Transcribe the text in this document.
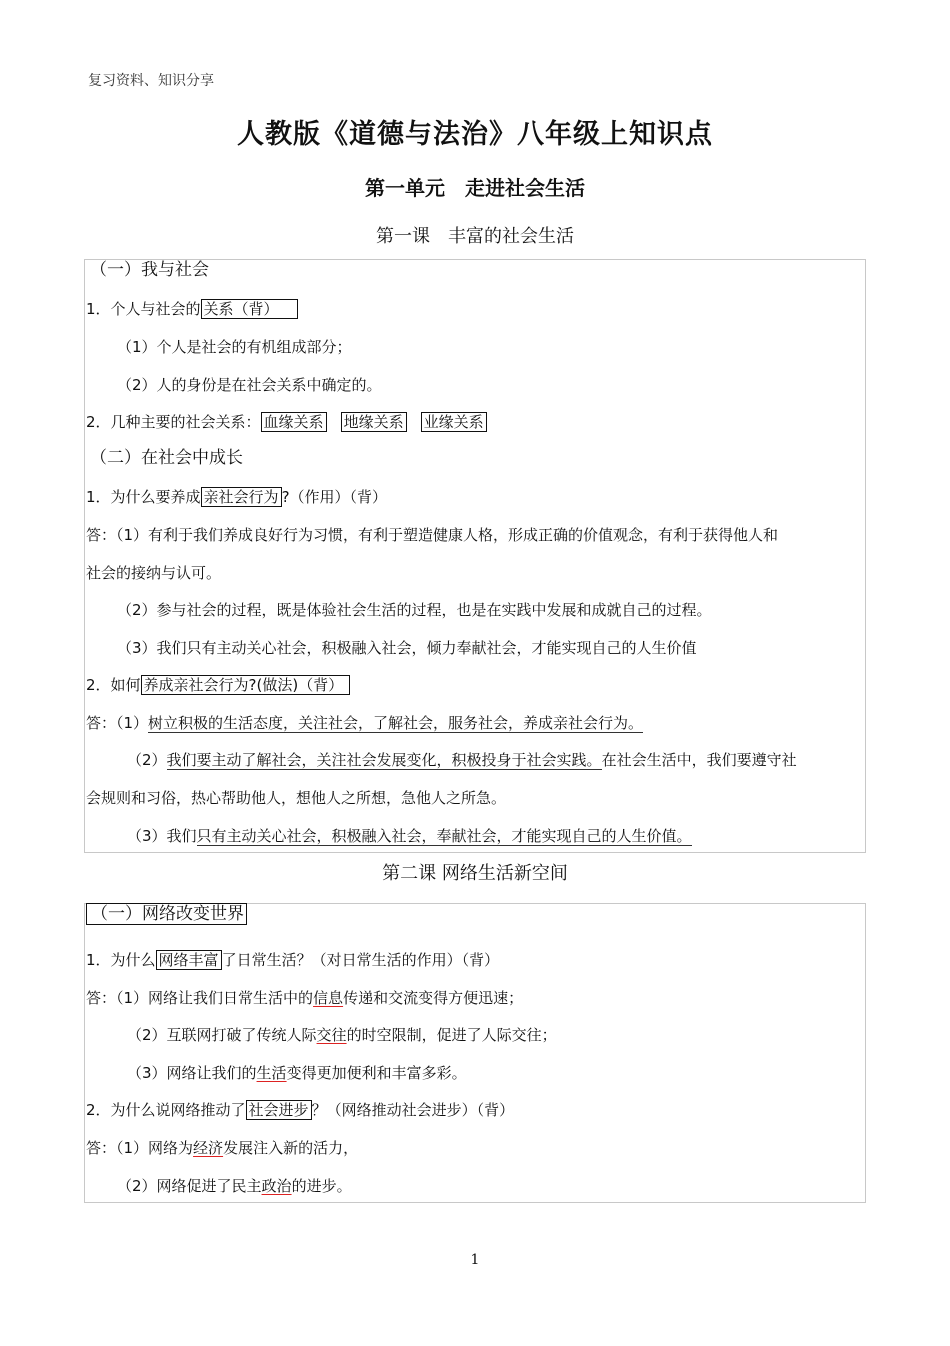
复习资料、知识分享
人教版《道德与法治》八年级上知识点
第一单元　走进社会生活
第一课　丰富的社会生活
（一）我与社会
1．个人与社会的 关系（背）
（1）个人是社会的有机组成部分；
（2）人的身份是在社会关系中确定的。
2．几种主要的社会关系： 血缘关系 地缘关系 业缘关系
（二）在社会中成长
1．为什么要养成 亲社会行为 ?（作用）（背）
答：（1）有利于我们养成良好行为习惯，有利于塑造健康人格，形成正确的价值观念，有利于获得他人和
社会的接纳与认可。
（2）参与社会的过程，既是体验社会生活的过程，也是在实践中发展和成就自己的过程。
（3）我们只有主动关心社会，积极融入社会，倾力奉献社会，才能实现自己的人生价值
2．如何 养成亲社会行为?(做法)（背）
答：（1）树立积极的生活态度，关注社会，了解社会，服务社会，养成亲社会行为。
（2）我们要主动了解社会，关注社会发展变化，积极投身于社会实践。在社会生活中，我们要遵守社
会规则和习俗，热心帮助他人，想他人之所想，急他人之所急。
（3）我们只有主动关心社会，积极融入社会，奉献社会，才能实现自己的人生价值。
第二课 网络生活新空间
（一）网络改变世界
1．为什么 网络丰富 了日常生活？（对日常生活的作用）（背）
答：（1）网络让我们日常生活中的信息传递和交流变得方便迅速；
（2）互联网打破了传统人际交往的时空限制，促进了人际交往；
（3）网络让我们的生活变得更加便利和丰富多彩。
2．为什么说网络推动了 社会进步 ？（网络推动社会进步）（背）
答：（1）网络为经济发展注入新的活力，
（2）网络促进了民主政治的进步。
1
